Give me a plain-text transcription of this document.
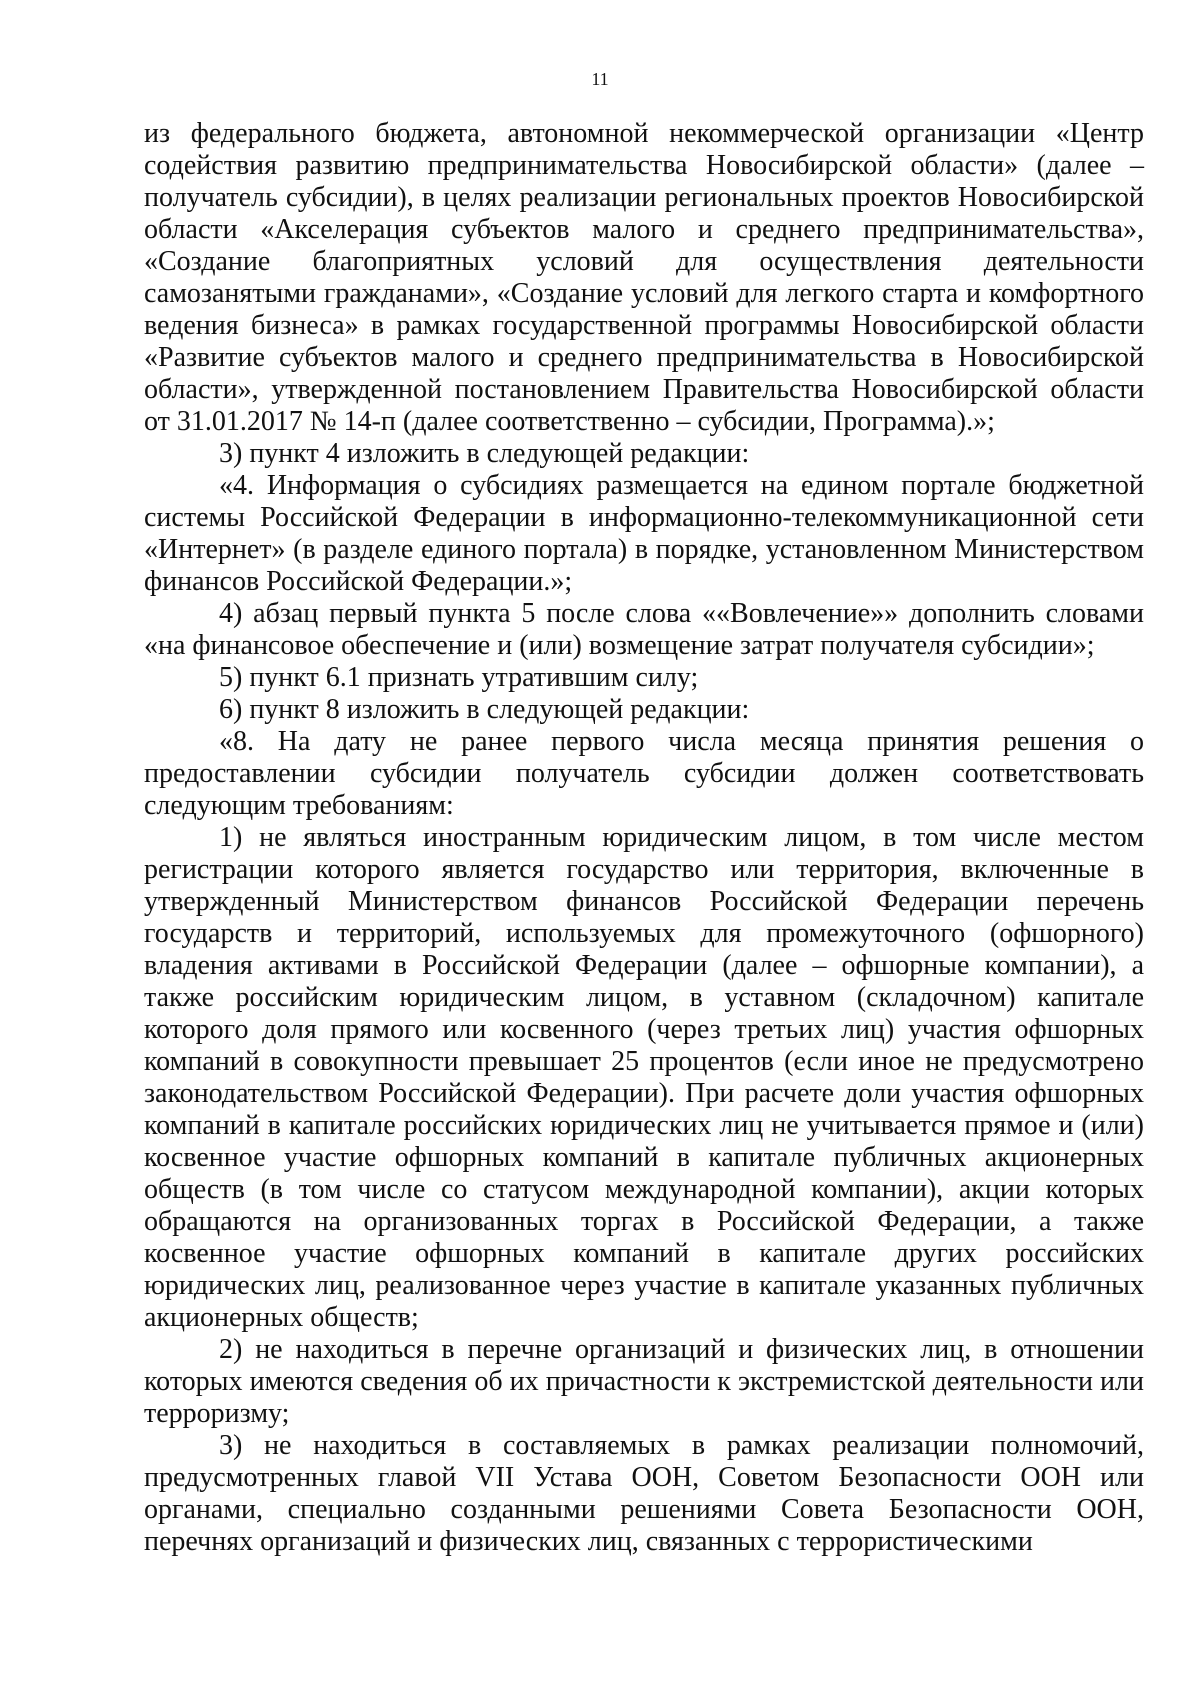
11

из федерального бюджета, автономной некоммерческой организации «Центр содействия развитию предпринимательства Новосибирской области» (далее – получатель субсидии), в целях реализации региональных проектов Новосибирской области «Акселерация субъектов малого и среднего предпринимательства», «Создание благоприятных условий для осуществления деятельности самозанятыми гражданами», «Создание условий для легкого старта и комфортного ведения бизнеса» в рамках государственной программы Новосибирской области «Развитие субъектов малого и среднего предпринимательства в Новосибирской области», утвержденной постановлением Правительства Новосибирской области от 31.01.2017 № 14-п (далее соответственно – субсидии, Программа).»;

3) пункт 4 изложить в следующей редакции:

«4. Информация о субсидиях размещается на едином портале бюджетной системы Российской Федерации в информационно-телекоммуникационной сети «Интернет» (в разделе единого портала) в порядке, установленном Министерством финансов Российской Федерации.»;

4) абзац первый пункта 5 после слова ««Вовлечение»» дополнить словами «на финансовое обеспечение и (или) возмещение затрат получателя субсидии»;

5) пункт 6.1 признать утратившим силу;

6) пункт 8 изложить в следующей редакции:

«8. На дату не ранее первого числа месяца принятия решения о предоставлении субсидии получатель субсидии должен соответствовать следующим требованиям:

1) не являться иностранным юридическим лицом, в том числе местом регистрации которого является государство или территория, включенные в утвержденный Министерством финансов Российской Федерации перечень государств и территорий, используемых для промежуточного (офшорного) владения активами в Российской Федерации (далее – офшорные компании), а также российским юридическим лицом, в уставном (складочном) капитале которого доля прямого или косвенного (через третьих лиц) участия офшорных компаний в совокупности превышает 25 процентов (если иное не предусмотрено законодательством Российской Федерации). При расчете доли участия офшорных компаний в капитале российских юридических лиц не учитывается прямое и (или) косвенное участие офшорных компаний в капитале публичных акционерных обществ (в том числе со статусом международной компании), акции которых обращаются на организованных торгах в Российской Федерации, а также косвенное участие офшорных компаний в капитале других российских юридических лиц, реализованное через участие в капитале указанных публичных акционерных обществ;

2) не находиться в перечне организаций и физических лиц, в отношении которых имеются сведения об их причастности к экстремистской деятельности или терроризму;

3) не находиться в составляемых в рамках реализации полномочий, предусмотренных главой VII Устава ООН, Советом Безопасности ООН или органами, специально созданными решениями Совета Безопасности ООН, перечнях организаций и физических лиц, связанных с террористическими
